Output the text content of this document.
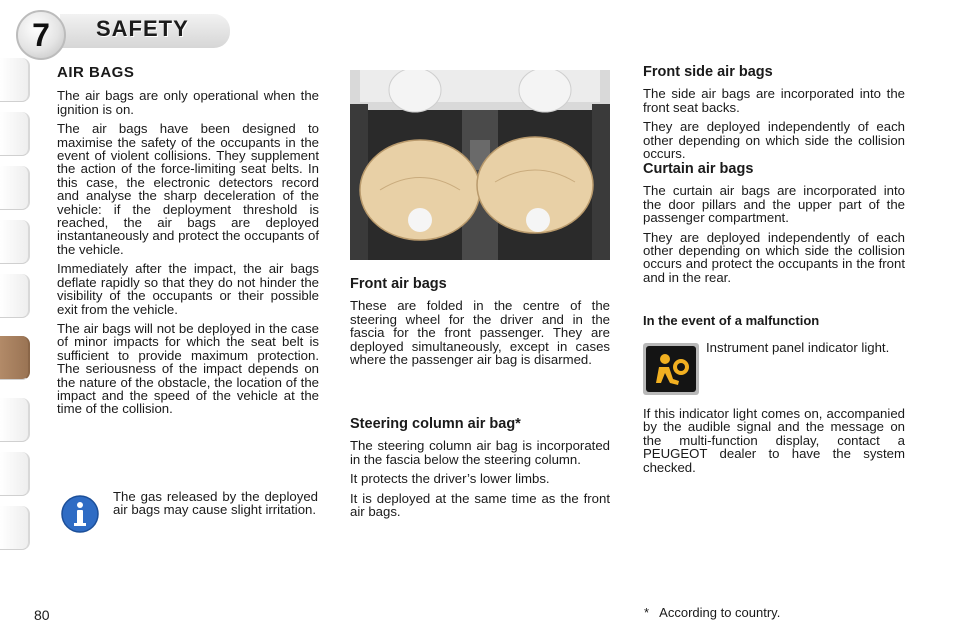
7	SAFETY
AIR BAGS

The air bags are only operational when the ignition is on.

The air bags have been designed to maximise the safety of the occupants in the event of violent collisions. They supplement the action of the force-limiting seat belts. In this case, the electronic detectors record and analyse the sharp deceleration of the vehicle: if the deployment threshold is reached, the air bags are deployed instantaneously and protect the occupants of the vehicle.

Immediately after the impact, the air bags deflate rapidly so that they do not hinder the visibility of the occupants or their possible exit from the vehicle.

The air bags will not be deployed in the case of minor impacts for which the seat belt is sufficient to provide maximum protection. The seriousness of the impact depends on the nature of the obstacle, the location of the impact and the speed of the vehicle at the time of the collision.

The gas released by the deployed air bags may cause slight irritation.

Front air bags

These are folded in the centre of the steering wheel for the driver and in the fascia for the front passenger. They are deployed simultaneously, except in cases where the passenger air bag is disarmed.

Steering column air bag*

The steering column air bag is incorporated in the fascia below the steering column.

It protects the driver’s lower limbs.

It is deployed at the same time as the front air bags.

Front side air bags

The side air bags are incorporated into the front seat backs.

They are deployed independently of each other depending on which side the collision occurs.

Curtain air bags

The curtain air bags are incorporated into the door pillars and the upper part of the passenger compartment.

They are deployed independently of each other depending on which side the collision occurs and protect the occupants in the front and in the rear.

In the event of a malfunction

Instrument panel indicator light.

If this indicator light comes on, accompanied by the audible signal and the message on the multi-function display, contact a PEUGEOT dealer to have the system checked.

80	*   According to country.
